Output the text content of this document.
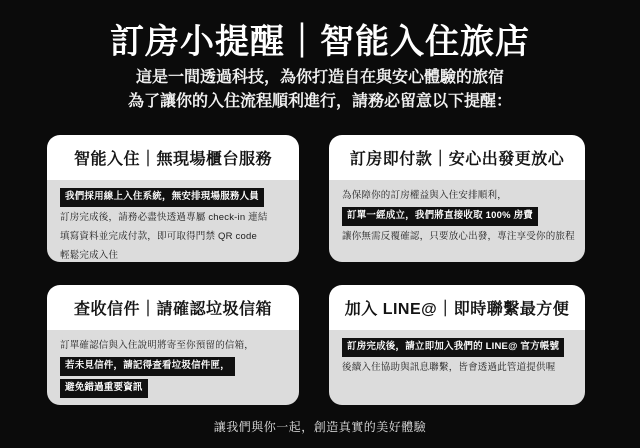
訂房小提醒｜智能入住旅店

這是一間透過科技，為你打造自在與安心體驗的旅宿
為了讓你的入住流程順利進行，請務必留意以下提醒：

智能入住｜無現場櫃台服務
我們採用線上入住系統，無安排現場服務人員
訂房完成後，請務必盡快透過專屬 check-in 連結
填寫資料並完成付款，即可取得門禁 QR code
輕鬆完成入住
訂房即付款｜安心出發更放心
為保障你的訂房權益與入住安排順利，
訂單一經成立，我們將直接收取 100% 房費
讓你無需反覆確認，只要放心出發，專注享受你的旅程
查收信件｜請確認垃圾信箱
訂單確認信與入住說明將寄至你預留的信箱，
若未見信件，請記得查看垃圾信件匣，
避免錯過重要資訊
加入 LINE@｜即時聯繫最方便
訂房完成後，請立即加入我們的 LINE@ 官方帳號
後續入住協助與訊息聯繫，皆會透過此管道提供喔

讓我們與你一起，創造真實的美好體驗
